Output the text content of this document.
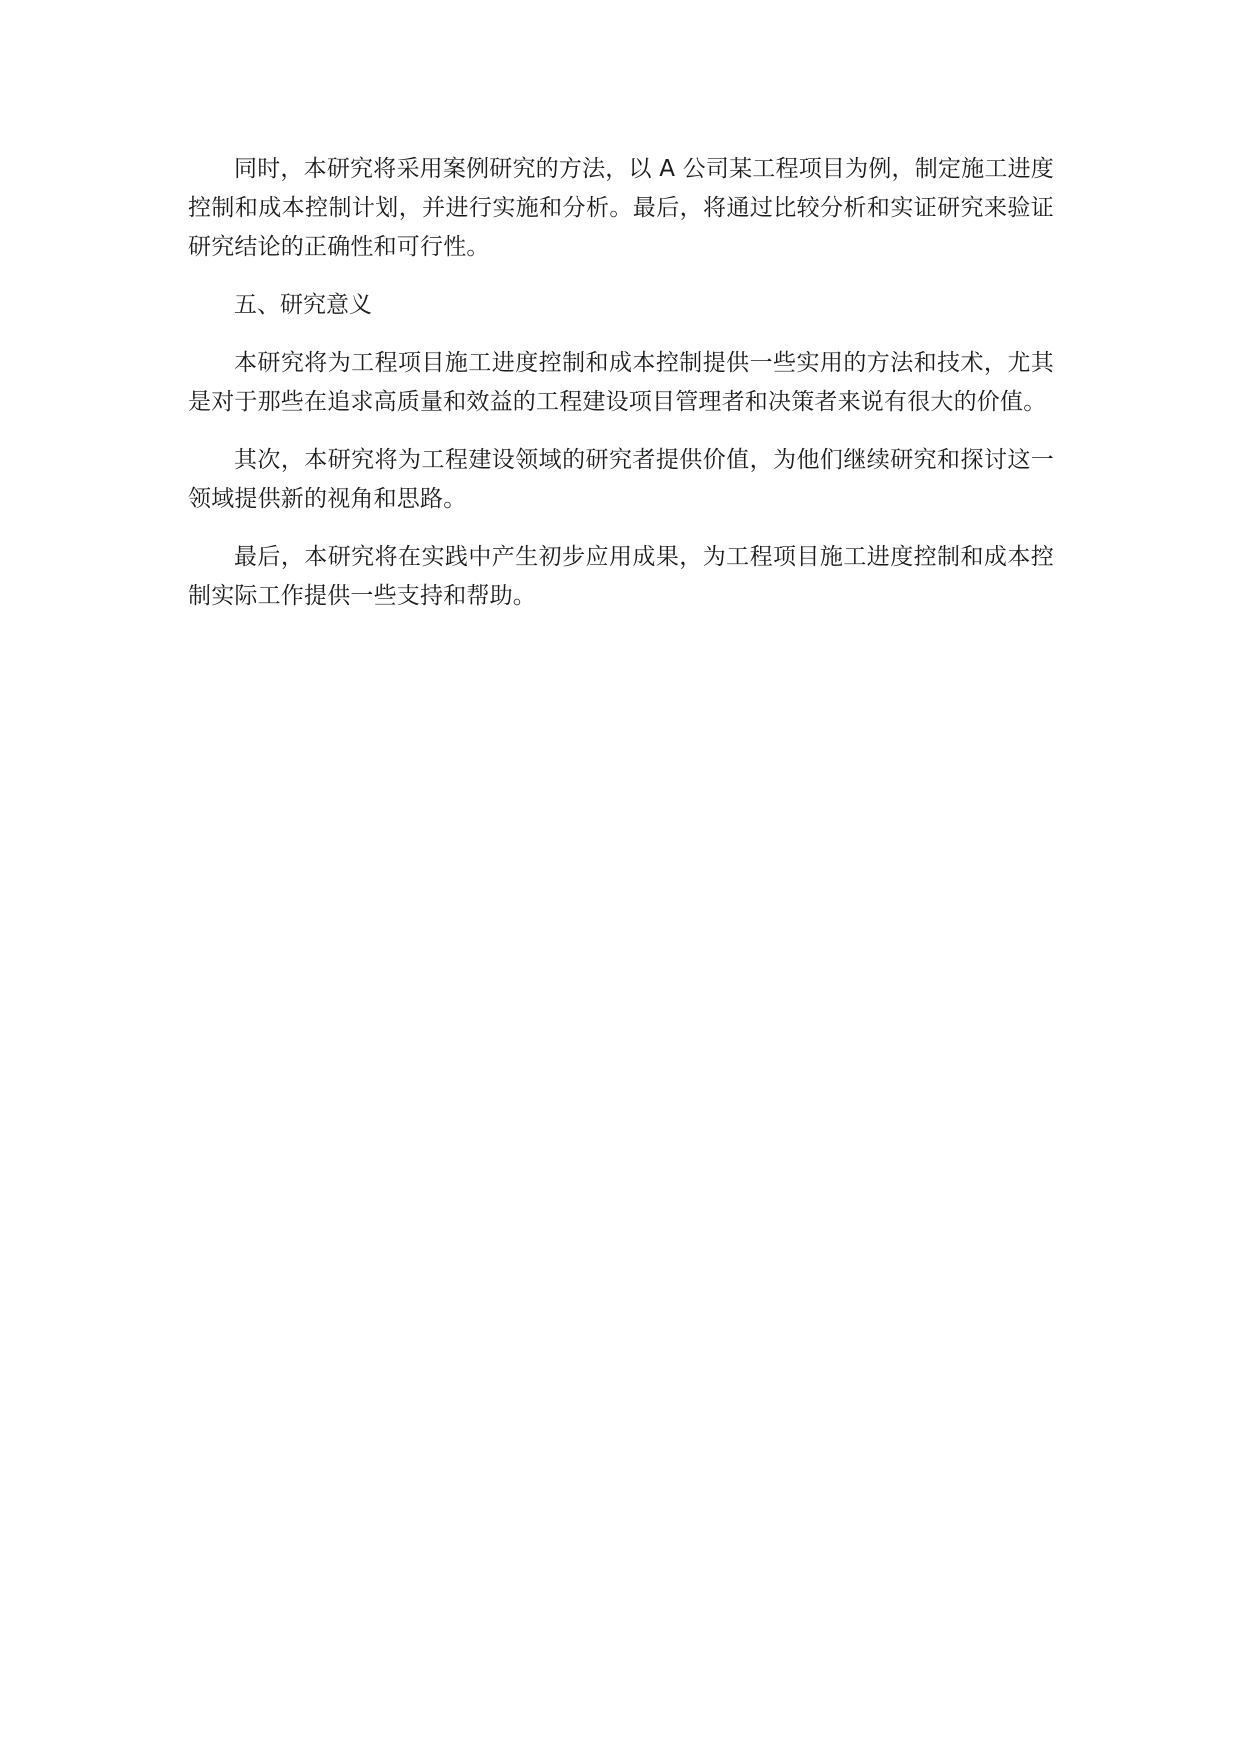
同时，本研究将采用案例研究的方法，以 A 公司某工程项目为例，制定施工进度控制和成本控制计划，并进行实施和分析。最后，将通过比较分析和实证研究来验证研究结论的正确性和可行性。

五、研究意义

本研究将为工程项目施工进度控制和成本控制提供一些实用的方法和技术，尤其是对于那些在追求高质量和效益的工程建设项目管理者和决策者来说有很大的价值。

其次，本研究将为工程建设领域的研究者提供价值，为他们继续研究和探讨这一领域提供新的视角和思路。

最后，本研究将在实践中产生初步应用成果，为工程项目施工进度控制和成本控制实际工作提供一些支持和帮助。
